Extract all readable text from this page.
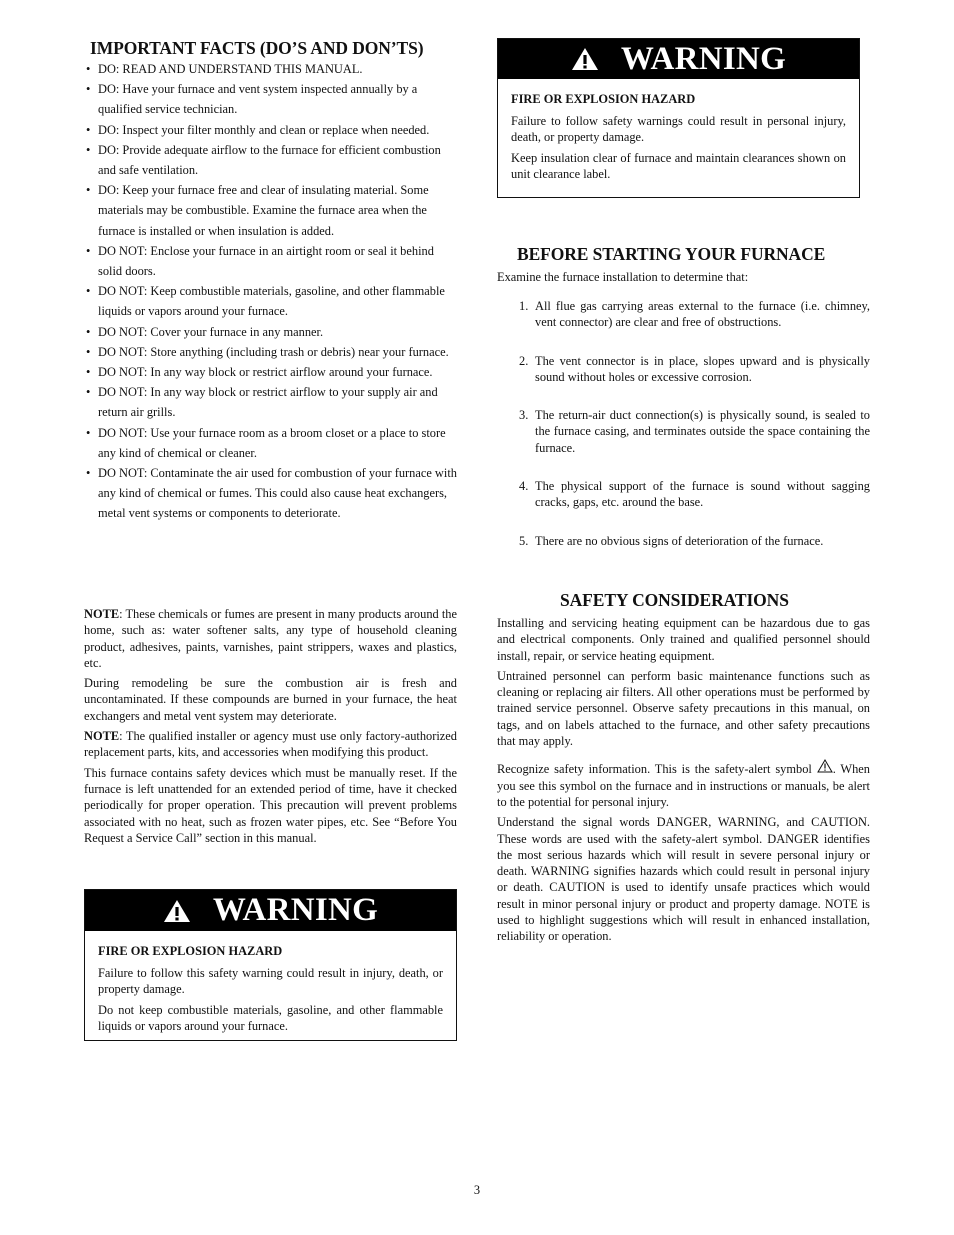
IMPORTANT FACTS (DO’S AND DON’TS)
• DO: READ AND UNDERSTAND THIS MANUAL.
• DO: Have your furnace and vent system inspected annually by a qualified service technician.
• DO: Inspect your filter monthly and clean or replace when needed.
• DO: Provide adequate airflow to the furnace for efficient combustion and safe ventilation.
• DO: Keep your furnace free and clear of insulating material. Some materials may be combustible. Examine the furnace area when the furnace is installed or when insulation is added.
• DO NOT: Enclose your furnace in an airtight room or seal it behind solid doors.
• DO NOT: Keep combustible materials, gasoline, and other flammable liquids or vapors around your furnace.
• DO NOT: Cover your furnace in any manner.
• DO NOT: Store anything (including trash or debris) near your furnace.
• DO NOT: In any way block or restrict airflow around your furnace.
• DO NOT: In any way block or restrict airflow to your supply air and return air grills.
• DO NOT: Use your furnace room as a broom closet or a place to store any kind of chemical or cleaner.
• DO NOT: Contaminate the air used for combustion of your furnace with any kind of chemical or fumes. This could also cause heat exchangers, metal vent systems or components to deteriorate.

NOTE: These chemicals or fumes are present in many products around the home, such as: water softener salts, any type of household cleaning product, adhesives, paints, varnishes, paint strippers, waxes and plastics, etc.

During remodeling be sure the combustion air is fresh and uncontaminated. If these compounds are burned in your furnace, the heat exchangers and metal vent system may deteriorate.

NOTE: The qualified installer or agency must use only factory‐authorized replacement parts, kits, and accessories when modifying this product.

This furnace contains safety devices which must be manually reset. If the furnace is left unattended for an extended period of time, have it checked periodically for proper operation. This precaution will prevent problems associated with no heat, such as frozen water pipes, etc. See “Before You Request a Service Call” section in this manual.

WARNING

FIRE OR EXPLOSION HAZARD

Failure to follow this safety warning could result in injury, death, or property damage.

Do not keep combustible materials, gasoline, and other flammable liquids or vapors around your furnace.

WARNING

FIRE OR EXPLOSION HAZARD

Failure to follow safety warnings could result in personal injury, death, or property damage.

Keep insulation clear of furnace and maintain clearances shown on unit clearance label.

BEFORE STARTING YOUR FURNACE

Examine the furnace installation to determine that:

1. All flue gas carrying areas external to the furnace (i.e. chimney, vent connector) are clear and free of obstructions.
2. The vent connector is in place, slopes upward and is physically sound without holes or excessive corrosion.
3. The return‐air duct connection(s) is physically sound, is sealed to the furnace casing, and terminates outside the space containing the furnace.
4. The physical support of the furnace is sound without sagging cracks, gaps, etc. around the base.
5. There are no obvious signs of deterioration of the furnace.
SAFETY CONSIDERATIONS

Installing and servicing heating equipment can be hazardous due to gas and electrical components. Only trained and qualified personnel should install, repair, or service heating equipment.

Untrained personnel can perform basic maintenance functions such as cleaning or replacing air filters. All other operations must be performed by trained service personnel. Observe safety precautions in this manual, on tags, and on labels attached to the furnace, and other safety precautions that may apply.

Recognize safety information. This is the safety‐alert symbol . When you see this symbol on the furnace and in instructions or manuals, be alert to the potential for personal injury.

Understand the signal words DANGER, WARNING, and CAUTION. These words are used with the safety‐alert symbol. DANGER identifies the most serious hazards which will result in severe personal injury or death. WARNING signifies hazards which could result in personal injury or death. CAUTION is used to identify unsafe practices which would result in minor personal injury or product and property damage. NOTE is used to highlight suggestions which will result in enhanced installation, reliability or operation.

3
